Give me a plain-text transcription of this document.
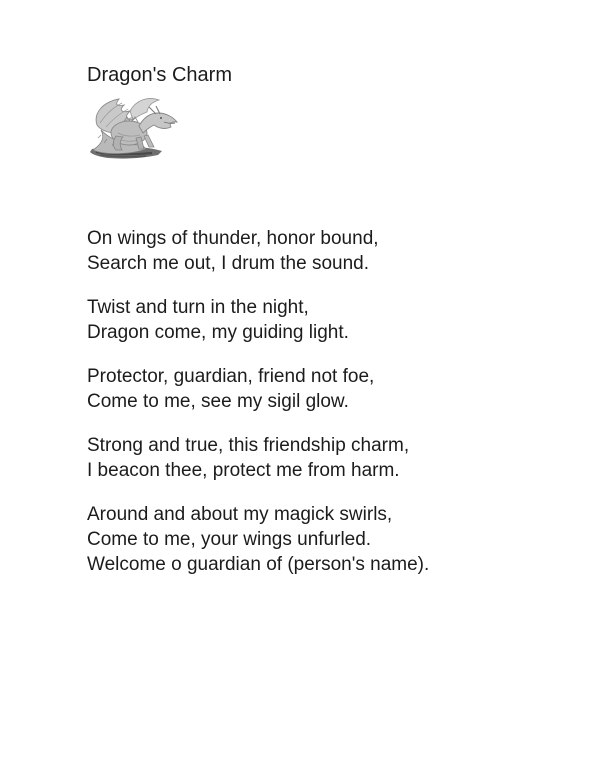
Dragon's Charm
On wings of thunder, honor bound,
Search me out, I drum the sound.
Twist and turn in the night,
Dragon come, my guiding light.
Protector, guardian, friend not foe,
Come to me, see my sigil glow.
Strong and true, this friendship charm,
I beacon thee, protect me from harm.
Around and about my magick swirls,
Come to me, your wings unfurled.
Welcome o guardian of (person's name).
